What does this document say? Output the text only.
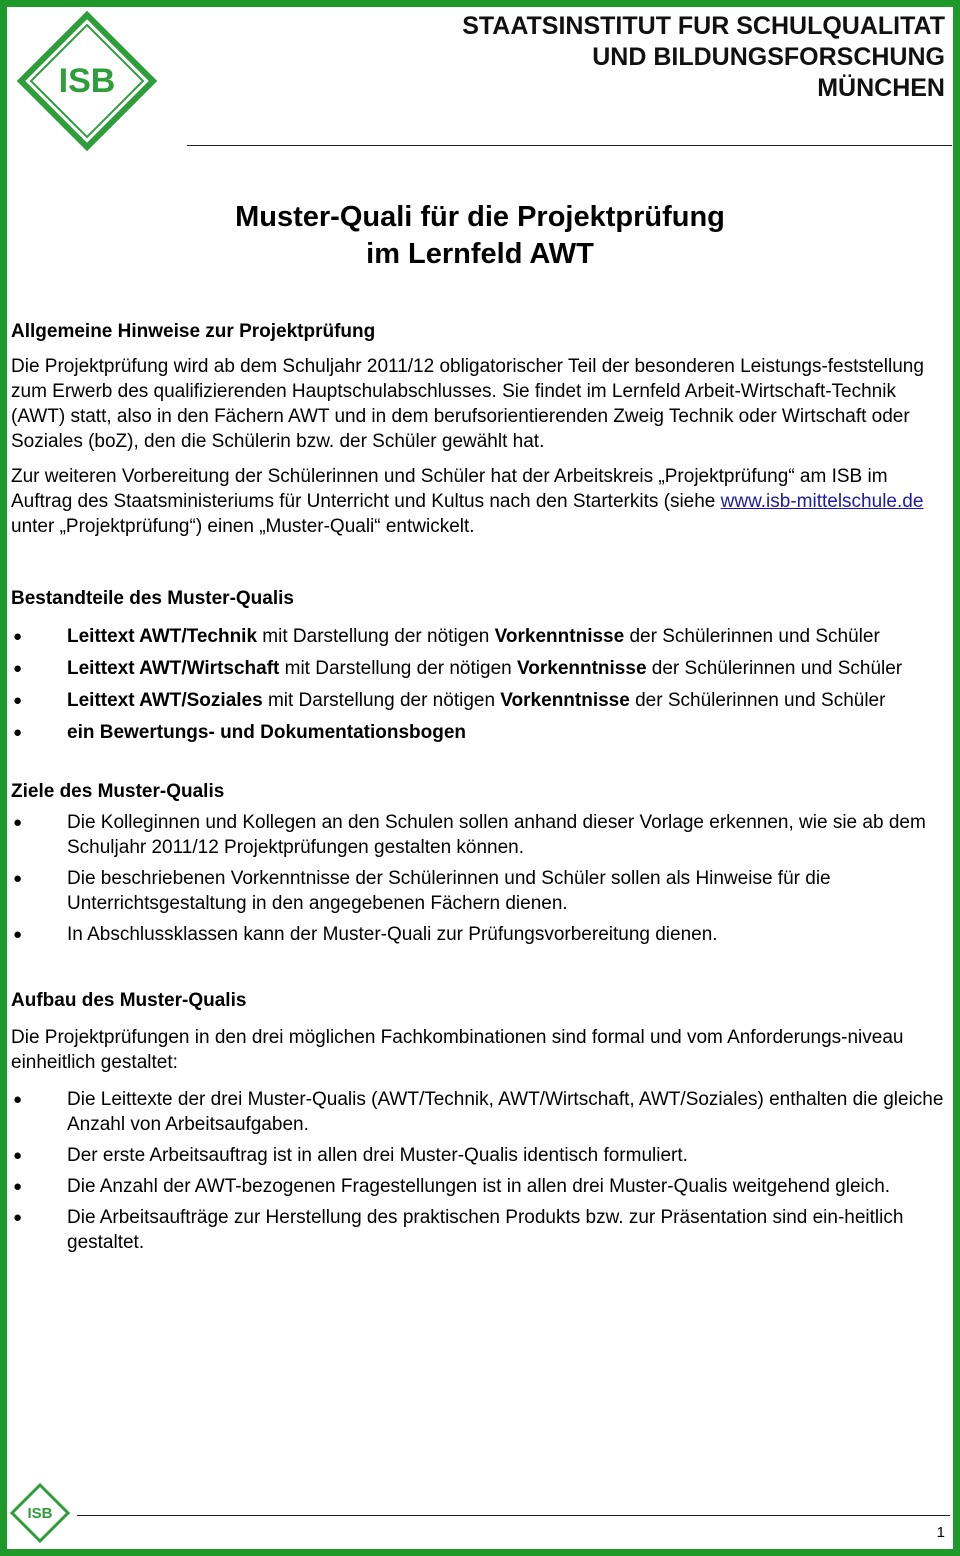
ISB
STAATSINSTITUT FUR SCHULQUALITAT
UND BILDUNGSFORSCHUNG
MÜNCHEN
Muster-Quali für die Projektprüfung
im Lernfeld AWT
Allgemeine Hinweise zur Projektprüfung

Die Projektprüfung wird ab dem Schuljahr 2011/12 obligatorischer Teil der besonderen Leistungs-feststellung zum Erwerb des qualifizierenden Hauptschulabschlusses. Sie findet im Lernfeld Arbeit-Wirtschaft-Technik (AWT) statt, also in den Fächern AWT und in dem berufsorientierenden Zweig Technik oder Wirtschaft oder Soziales (boZ), den die Schülerin bzw. der Schüler gewählt hat.

Zur weiteren Vorbereitung der Schülerinnen und Schüler hat der Arbeitskreis „Projektprüfung“ am ISB im Auftrag des Staatsministeriums für Unterricht und Kultus nach den Starterkits (siehe www.isb-mittelschule.de unter „Projektprüfung“) einen „Muster-Quali“ entwickelt.

Bestandteile des Muster-Qualis
● Leittext AWT/Technik mit Darstellung der nötigen Vorkenntnisse der Schülerinnen und Schüler
● Leittext AWT/Wirtschaft mit Darstellung der nötigen Vorkenntnisse der Schülerinnen und Schüler
● Leittext AWT/Soziales mit Darstellung der nötigen Vorkenntnisse der Schülerinnen und Schüler
● ein Bewertungs- und Dokumentationsbogen
Ziele des Muster-Qualis
● Die Kolleginnen und Kollegen an den Schulen sollen anhand dieser Vorlage erkennen, wie sie ab dem Schuljahr 2011/12 Projektprüfungen gestalten können.
● Die beschriebenen Vorkenntnisse der Schülerinnen und Schüler sollen als Hinweise für die Unterrichtsgestaltung in den angegebenen Fächern dienen.
● In Abschlussklassen kann der Muster-Quali zur Prüfungsvorbereitung dienen.
Aufbau des Muster-Qualis

Die Projektprüfungen in den drei möglichen Fachkombinationen sind formal und vom Anforderungs-niveau einheitlich gestaltet:

● Die Leittexte der drei Muster-Qualis (AWT/Technik, AWT/Wirtschaft, AWT/Soziales) enthalten die gleiche Anzahl von Arbeitsaufgaben.
● Der erste Arbeitsauftrag ist in allen drei Muster-Qualis identisch formuliert.
● Die Anzahl der AWT-bezogenen Fragestellungen ist in allen drei Muster-Qualis weitgehend gleich.
● Die Arbeitsaufträge zur Herstellung des praktischen Produkts bzw. zur Präsentation sind ein-heitlich gestaltet.
ISB
1
